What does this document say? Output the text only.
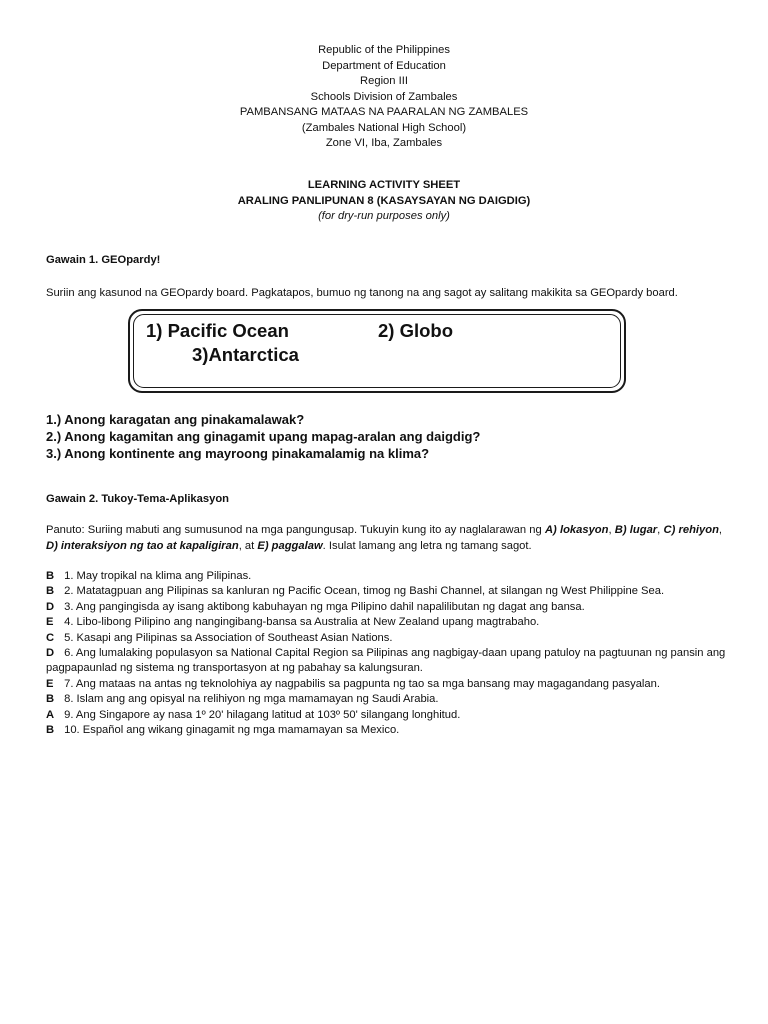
Republic of the Philippines
Department of Education
Region III
Schools Division of Zambales
PAMBANSANG MATAAS NA PAARALAN NG ZAMBALES
(Zambales National High School)
Zone VI, Iba, Zambales
LEARNING ACTIVITY SHEET
ARALING PANLIPUNAN 8 (KASAYSAYAN NG DAIGDIG)
(for dry-run purposes only)
Gawain 1. GEOpardy!
Suriin ang kasunod na GEOpardy board. Pagkatapos, bumuo ng tanong na ang sagot ay salitang makikita sa GEOpardy board.
1) Pacific Ocean	2) Globo
3)Antarctica
1.) Anong karagatan ang pinakamalawak?
2.) Anong kagamitan ang ginagamit upang mapag-aralan ang daigdig?
3.) Anong kontinente ang mayroong pinakamalamig na klima?
Gawain 2. Tukoy-Tema-Aplikasyon
Panuto: Suriing mabuti ang sumusunod na mga pangungusap. Tukuyin kung ito ay naglalarawan ng A) lokasyon, B) lugar, C) rehiyon, D) interaksiyon ng tao at kapaligiran, at E) paggalaw. Isulat lamang ang letra ng tamang sagot.
B 1. May tropikal na klima ang Pilipinas.
B 2. Matatagpuan ang Pilipinas sa kanluran ng Pacific Ocean, timog ng Bashi Channel, at silangan ng West Philippine Sea.
D 3. Ang pangingisda ay isang aktibong kabuhayan ng mga Pilipino dahil napalilibutan ng dagat ang bansa.
E 4. Libo-libong Pilipino ang nangingibang-bansa sa Australia at New Zealand upang magtrabaho.
C 5. Kasapi ang Pilipinas sa Association of Southeast Asian Nations.
D 6. Ang lumalaking populasyon sa National Capital Region sa Pilipinas ang nagbigay-daan upang patuloy na pagtuunan ng pansin ang pagpapaunlad ng sistema ng transportasyon at ng pabahay sa kalungsuran.
E 7. Ang mataas na antas ng teknolohiya ay nagpabilis sa pagpunta ng tao sa mga bansang may magagandang pasyalan.
B 8. Islam ang ang opisyal na relihiyon ng mga mamamayan ng Saudi Arabia.
A 9. Ang Singapore ay nasa 1º 20' hilagang latitud at 103º 50' silangang longhitud.
B 10. Español ang wikang ginagamit ng mga mamamayan sa Mexico.
